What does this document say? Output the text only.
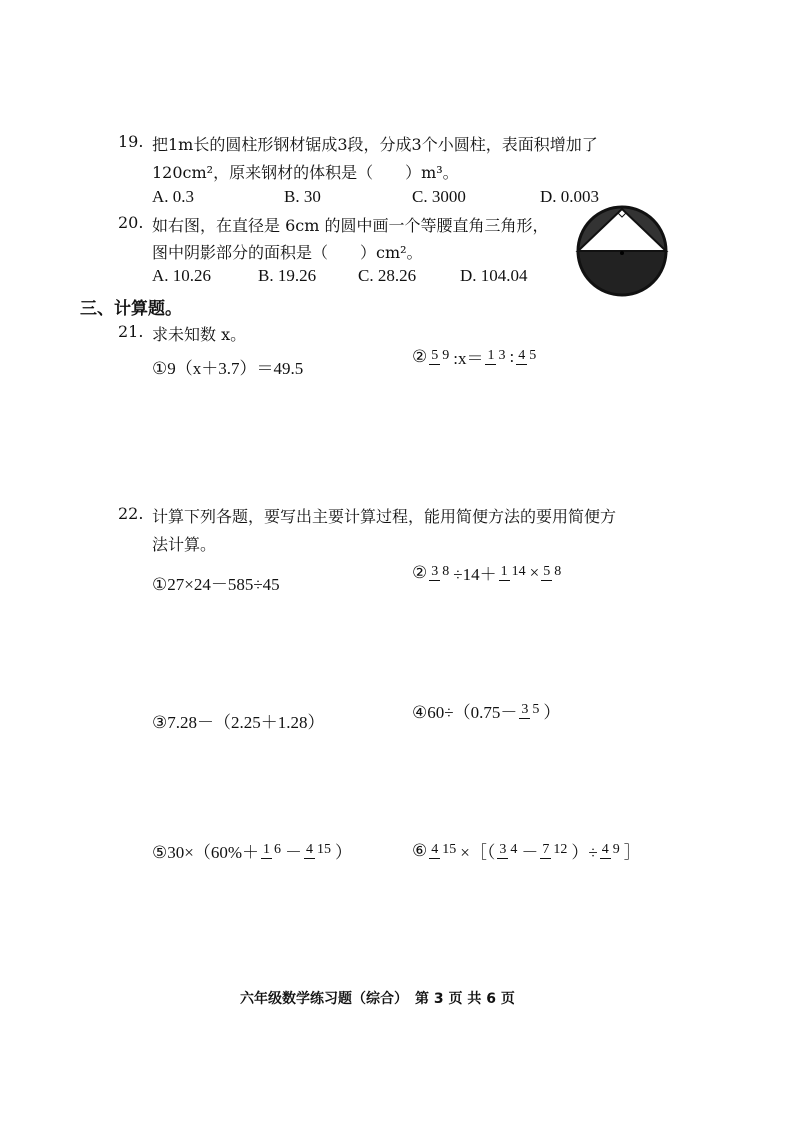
19. 把1m长的圆柱形钢材锯成3段，分成3个小圆柱，表面积增加了
120cm²，原来钢材的体积是（　　）m³。
A. 0.3	B. 30	C. 3000	D. 0.003
20. 如右图，在直径是 6cm 的圆中画一个等腰直角三角形，
图中阴影部分的面积是（　　）cm²。
A. 10.26	B. 19.26 C. 28.26	D. 104.04
三、计算题。
21. 求未知数 x。
①9（x＋3.7）＝49.5
② 5 9 :x＝ 1 3 : 4 5
22. 计算下列各题，要写出主要计算过程，能用简便方法的要用简便方
法计算。
①27×24－585÷45
② 3 8 ÷14＋ 1 14 × 5 8
③7.28－（2.25＋1.28）
④60÷（0.75－ 3 5 ）
⑤30×（60%＋ 1 6 － 4 15 ）	⑥ 4 15 ×［（ 3 4 － 7 12 ）÷ 4 9 ］
六年级数学练习题（综合）　第 3 页 共 6 页
